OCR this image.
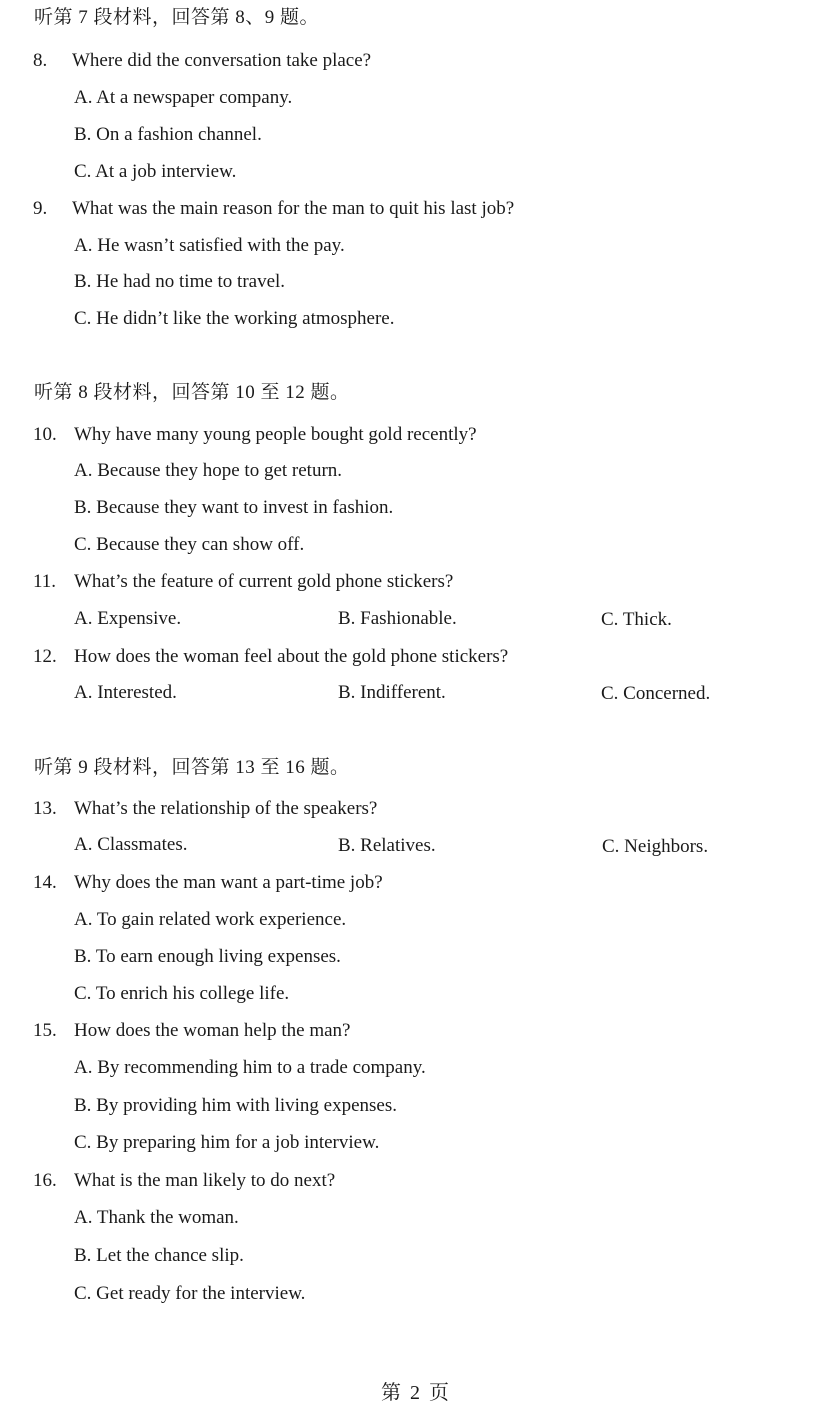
听第 7 段材料，回答第 8、9 题。
8. Where did the conversation take place?
A. At a newspaper company.
B. On a fashion channel.
C. At a job interview.
9. What was the main reason for the man to quit his last job?
A. He wasn’t satisfied with the pay.
B. He had no time to travel.
C. He didn’t like the working atmosphere.
听第 8 段材料，回答第 10 至 12 题。
10. Why have many young people bought gold recently?
A. Because they hope to get return.
B. Because they want to invest in fashion.
C. Because they can show off.
11. What’s the feature of current gold phone stickers?
A. Expensive.	B. Fashionable.	C. Thick.
12. How does the woman feel about the gold phone stickers?
A. Interested.	B. Indifferent.	C. Concerned.
听第 9 段材料，回答第 13 至 16 题。
13. What’s the relationship of the speakers?
A. Classmates.	B. Relatives.	C. Neighbors.
14. Why does the man want a part-time job?
A. To gain related work experience.
B. To earn enough living expenses.
C. To enrich his college life.
15. How does the woman help the man?
A. By recommending him to a trade company.
B. By providing him with living expenses.
C. By preparing him for a job interview.
16. What is the man likely to do next?
A. Thank the woman.
B. Let the chance slip.
C. Get ready for the interview.
第 2 页
